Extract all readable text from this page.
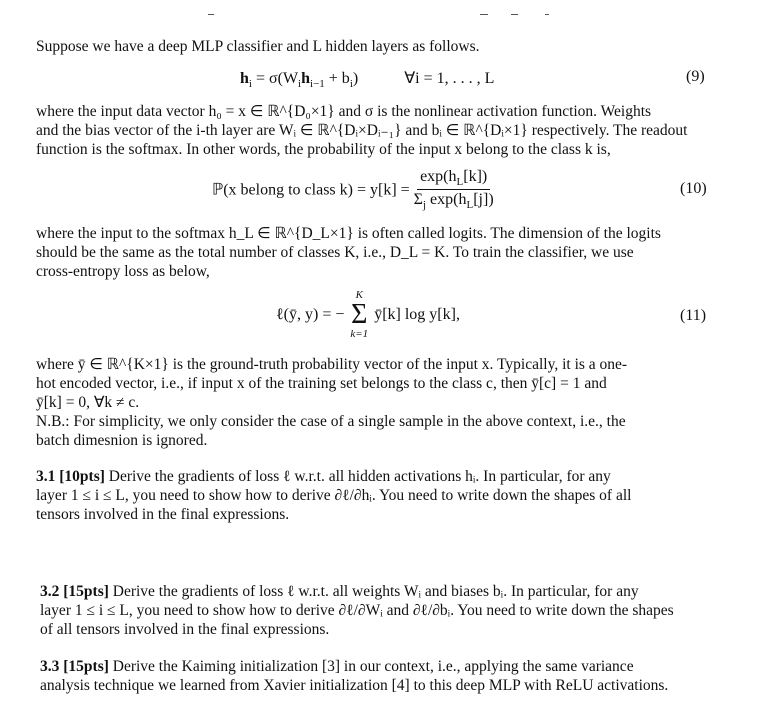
Suppose we have a deep MLP classifier and L hidden layers as follows.
$h_i = \sigma(W_ih_{i-1} + b_i)$	∀i = 1, . . . , L	(9)
where the input data vector h₀ = x ∈ ℝ^{D₀×1} and σ is the nonlinear activation function. Weights
and the bias vector of the i-th layer are Wᵢ ∈ ℝ^{Dᵢ×Dᵢ₋₁} and bᵢ ∈ ℝ^{Dᵢ×1} respectively. The readout
function is the softmax. In other words, the probability of the input x belong to the class k is,
ℙ(x belong to class $k) = y[k] = \frac{\exp(h_L[k])}{\Sigma_j \exp(h_L[j])}$	(10)
where the input to the softmax h_L ∈ ℝ^{D_L×1} is often called logits. The dimension of the logits
should be the same as the total number of classes K, i.e., D_L = K. To train the classifier, we use
cross-entropy loss as below,
ℓ(ȳ, y) = −
K
Σ
k=1
ȳ[k] log y[k],	(11)
where ȳ ∈ ℝ^{K×1} is the ground-truth probability vector of the input x. Typically, it is a one-
hot encoded vector, i.e., if input x of the training set belongs to the class c, then ȳ[c] = 1 and
ȳ[k] = 0, ∀k ≠ c.
N.B.: For simplicity, we only consider the case of a single sample in the above context, i.e., the
batch dimesnion is ignored.
3.1 [10pts] Derive the gradients of loss ℓ w.r.t. all hidden activations hᵢ. In particular, for any
layer 1 ≤ i ≤ L, you need to show how to derive ∂ℓ/∂hᵢ. You need to write down the shapes of all
tensors involved in the final expressions.
3.2 [15pts] Derive the gradients of loss ℓ w.r.t. all weights Wᵢ and biases bᵢ. In particular, for any
layer 1 ≤ i ≤ L, you need to show how to derive ∂ℓ/∂Wᵢ and ∂ℓ/∂bᵢ. You need to write down the shapes
of all tensors involved in the final expressions.
3.3 [15pts] Derive the Kaiming initialization [3] in our context, i.e., applying the same variance
analysis technique we learned from Xavier initialization [4] to this deep MLP with ReLU activations.
